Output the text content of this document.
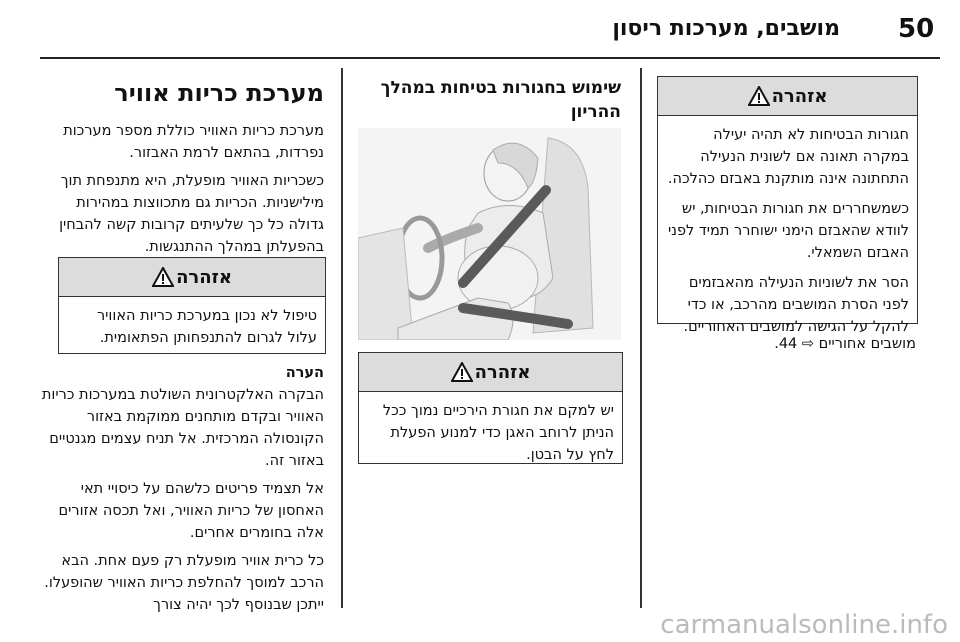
50
מושבים, מערכות ריסון
אזהרה

חגורות הבטיחות לא תהיה יעילה במקרה תאונה אם לשונית הנעילה התחתונה אינה מותקנת באבזם כהלכה.

כשמשחררים את חגורות הבטיחות, יש לוודא שהאבזם הימני ישוחרר תמיד לפני האבזם השמאלי.

הסר את לשוניות הנעילה מהאבזמים לפני הסרת המושבים מהרכב, או כדי להקל על הגישה למושבים האחוריים.

מושבים אחוריים ⇨ 44.
שימוש בחגורות בטיחות במהלך ההריון
אזהרה

יש למקם את חגורת הירכיים נמוך ככל הניתן לרוחב האגן כדי למנוע הפעלת לחץ על הבטן.

מערכת כריות אוויר

מערכת כריות האוויר כוללת מספר מערכות נפרדות, בהתאם לרמת האבזור.

כשכריות האוויר מופעלת, היא מתנפחת תוך מילישניות. הכריות גם מתכווצות במהירות גדולה כל כך שלעיתים קרובות קשה להבחין בהפעלתן במהלך ההתנגשות.

אזהרה

טיפול לא נכון במערכת כריות האוויר עלול לגרום להתנפחותן הפתאומית.

הערה

הבקרה האלקטרונית השולטת במערכות כריות האוויר ובקדם מותחנים ממוקמת באזור הקונסולה המרכזית. אל תניח עצמים מגנטיים באזור זה.

אל תצמיד פריטים כלשהם על כיסויי תאי האחסון של כריות האוויר, ואל תכסה אזורים אלה בחומרים אחרים.

כל כרית אוויר מופעלת רק פעם אחת. הבא הרכב למוסך להחלפת כריות האוויר שהופעלו. ייתכן שבנוסף לכך יהיה צורך

carmanualsonline.info
